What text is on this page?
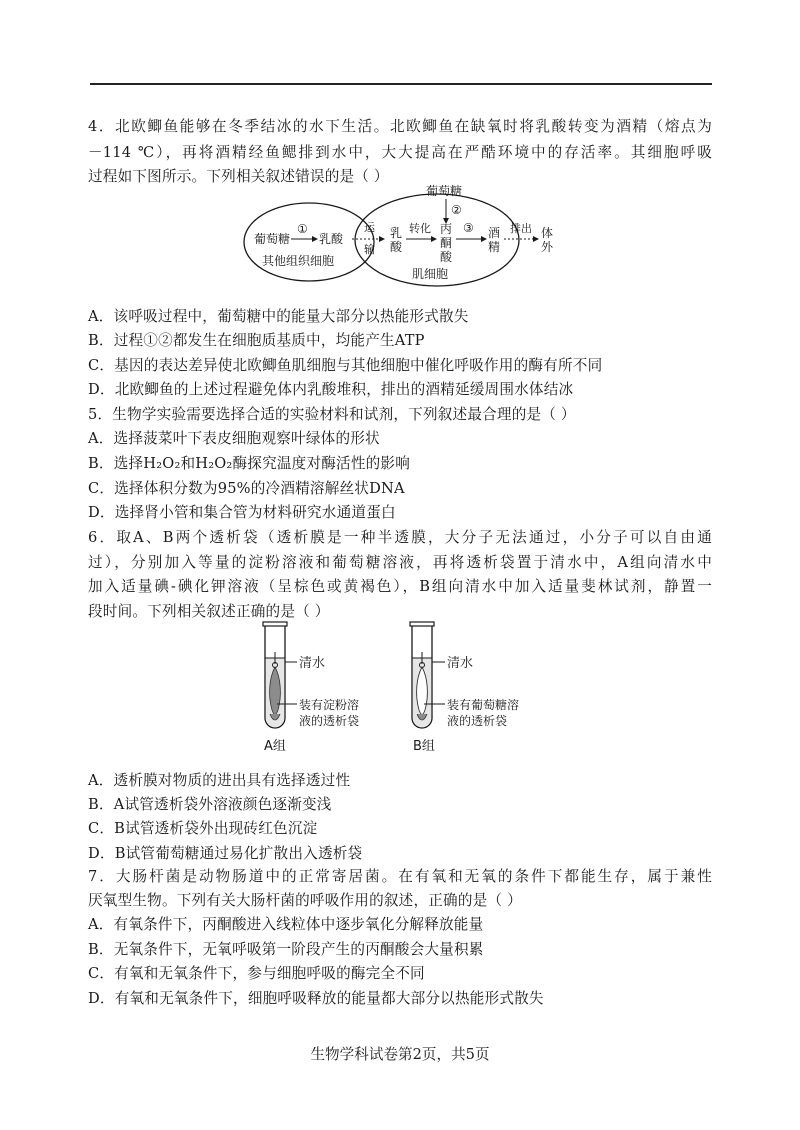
4．北欧鲫鱼能够在冬季结冰的水下生活。北欧鲫鱼在缺氧时将乳酸转变为酒精（熔点为
－114 ℃），再将酒精经鱼鳃排到水中，大大提高在严酷环境中的存活率。其细胞呼吸
过程如下图所示。下列相关叙述错误的是（ ）
葡萄糖
①
乳酸
其他组织细胞
运
输
葡萄糖
②
乳
酸
转化 丙
酮
酸
③ 酒
精
排出 体
外
肌细胞
A．该呼吸过程中，葡萄糖中的能量大部分以热能形式散失
B．过程①②都发生在细胞质基质中，均能产生ATP
C．基因的表达差异使北欧鲫鱼肌细胞与其他细胞中催化呼吸作用的酶有所不同
D．北欧鲫鱼的上述过程避免体内乳酸堆积，排出的酒精延缓周围水体结冰
5．生物学实验需要选择合适的实验材料和试剂，下列叙述最合理的是（ ）
A．选择菠菜叶下表皮细胞观察叶绿体的形状
B．选择H₂O₂和H₂O₂酶探究温度对酶活性的影响
C．选择体积分数为95%的冷酒精溶解丝状DNA
D．选择肾小管和集合管为材料研究水通道蛋白
6．取A、B两个透析袋（透析膜是一种半透膜，大分子无法通过，小分子可以自由通
过），分别加入等量的淀粉溶液和葡萄糖溶液，再将透析袋置于清水中，A组向清水中
加入适量碘-碘化钾溶液（呈棕色或黄褐色），B组向清水中加入适量斐林试剂，静置一
段时间。下列相关叙述正确的是（ ）
清水
装有淀粉溶
液的透析袋
A组
清水
装有葡萄糖溶
液的透析袋
B组
A．透析膜对物质的进出具有选择透过性
B．A试管透析袋外溶液颜色逐渐变浅
C．B试管透析袋外出现砖红色沉淀
D．B试管葡萄糖通过易化扩散出入透析袋
7．大肠杆菌是动物肠道中的正常寄居菌。在有氧和无氧的条件下都能生存，属于兼性
厌氧型生物。下列有关大肠杆菌的呼吸作用的叙述，正确的是（ ）
A．有氧条件下，丙酮酸进入线粒体中逐步氧化分解释放能量
B．无氧条件下，无氧呼吸第一阶段产生的丙酮酸会大量积累
C．有氧和无氧条件下，参与细胞呼吸的酶完全不同
D．有氧和无氧条件下，细胞呼吸释放的能量都大部分以热能形式散失
生物学科试卷第2页，共5页
